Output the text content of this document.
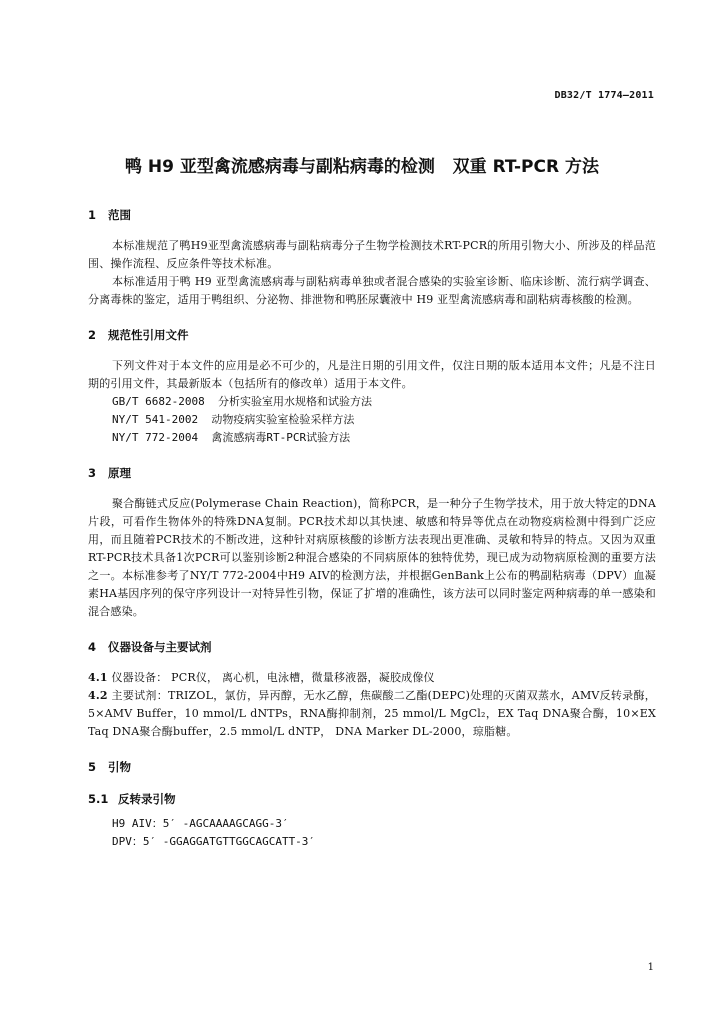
DB32/T 1774—2011
鸭 H9 亚型禽流感病毒与副粘病毒的检测   双重 RT-PCR 方法
1 范围

本标准规范了鸭H9亚型禽流感病毒与副粘病毒分子生物学检测技术RT-PCR的所用引物大小、所涉及的样品范围、操作流程、反应条件等技术标准。

本标准适用于鸭 H9 亚型禽流感病毒与副粘病毒单独或者混合感染的实验室诊断、临床诊断、流行病学调查、分离毒株的鉴定，适用于鸭组织、分泌物、排泄物和鸭胚尿囊液中 H9 亚型禽流感病毒和副粘病毒核酸的检测。

2 规范性引用文件

下列文件对于本文件的应用是必不可少的，凡是注日期的引用文件，仅注日期的版本适用本文件；凡是不注日期的引用文件，其最新版本（包括所有的修改单）适用于本文件。

GB/T 6682-2008  分析实验室用水规格和试验方法

NY/T 541-2002  动物疫病实验室检验采样方法

NY/T 772-2004  禽流感病毒RT-PCR试验方法

3 原理

聚合酶链式反应(Polymerase Chain Reaction)，简称PCR，是一种分子生物学技术，用于放大特定的DNA片段，可看作生物体外的特殊DNA复制。PCR技术却以其快速、敏感和特异等优点在动物疫病检测中得到广泛应用，而且随着PCR技术的不断改进，这种针对病原核酸的诊断方法表现出更准确、灵敏和特异的特点。又因为双重RT-PCR技术具备1次PCR可以鉴别诊断2种混合感染的不同病原体的独特优势，现已成为动物病原检测的重要方法之一。本标准参考了NY/T 772-2004中H9 AIV的检测方法，并根据GenBank上公布的鸭副粘病毒（DPV）血凝素HA基因序列的保守序列设计一对特异性引物，保证了扩增的准确性，该方法可以同时鉴定两种病毒的单一感染和混合感染。

4 仪器设备与主要试剂

4.1 仪器设备： PCR仪， 离心机，电泳槽，微量移液器，凝胶成像仪

4.2 主要试剂：TRIZOL，氯仿，异丙醇，无水乙醇，焦碳酸二乙酯(DEPC)处理的灭菌双蒸水，AMV反转录酶，5×AMV Buffer，10 mmol/L dNTPs，RNA酶抑制剂，25 mmol/L MgCl₂，EX Taq DNA聚合酶，10×EX Taq DNA聚合酶buffer，2.5 mmol/L dNTP， DNA Marker DL-2000，琼脂糖。

5 引物
5.1 反转录引物

H9 AIV：5′ -AGCAAAAGCAGG-3′

DPV：5′ -GGAGGATGTTGGCAGCATT-3′

1
